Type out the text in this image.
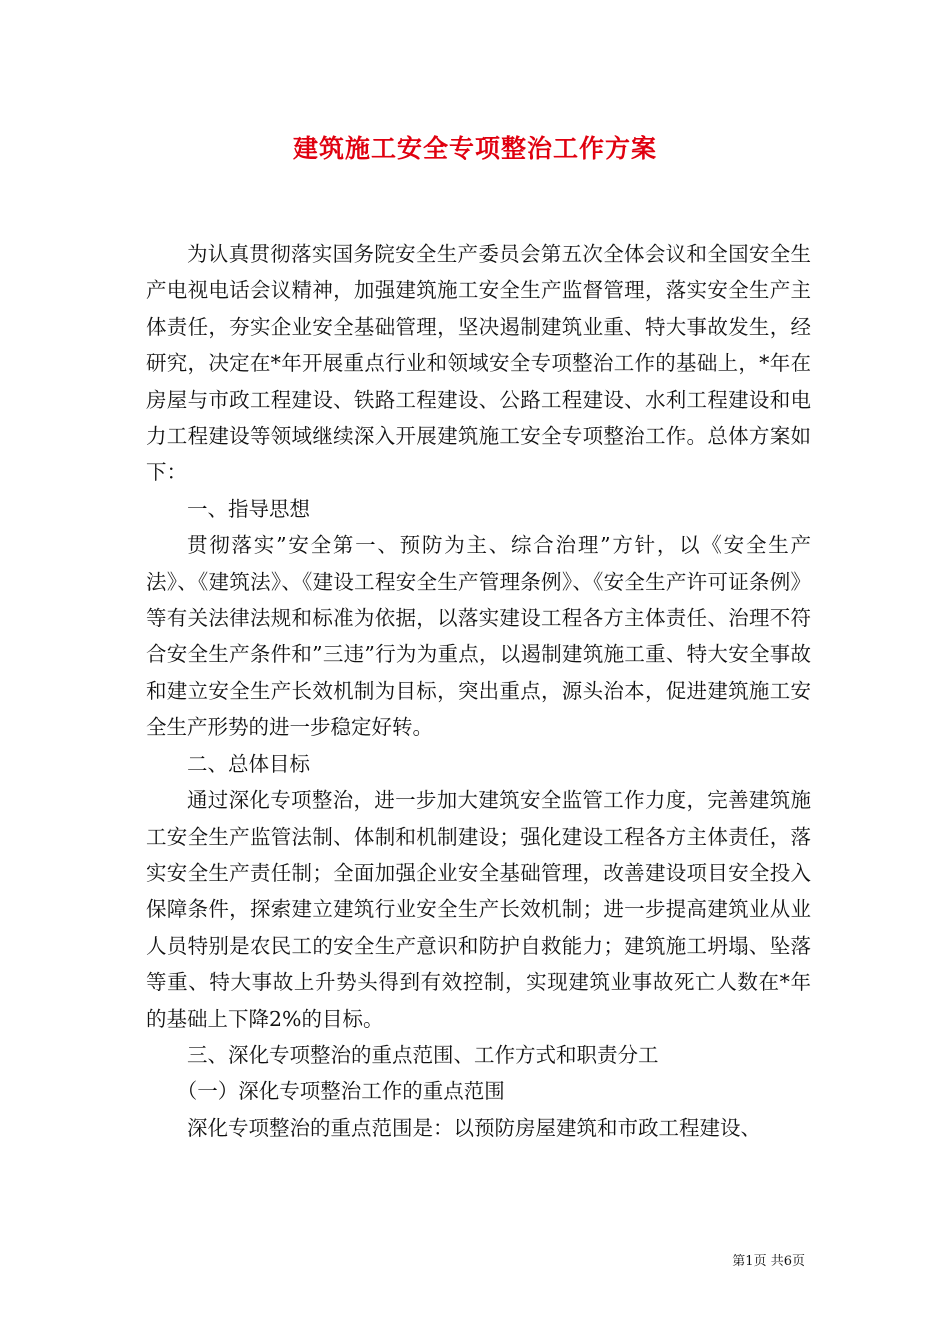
建筑施工安全专项整治工作方案

为认真贯彻落实国务院安全生产委员会第五次全体会议和全国安全生产电视电话会议精神，加强建筑施工安全生产监督管理，落实安全生产主体责任，夯实企业安全基础管理，坚决遏制建筑业重、特大事故发生，经研究，决定在*年开展重点行业和领域安全专项整治工作的基础上，*年在房屋与市政工程建设、铁路工程建设、公路工程建设、水利工程建设和电力工程建设等领域继续深入开展建筑施工安全专项整治工作。总体方案如下：

一、指导思想

贯彻落实”安全第一、预防为主、综合治理”方针，以《安全生产法》、《建筑法》、《建设工程安全生产管理条例》、《安全生产许可证条例》等有关法律法规和标准为依据，以落实建设工程各方主体责任、治理不符合安全生产条件和”三违”行为为重点，以遏制建筑施工重、特大安全事故和建立安全生产长效机制为目标，突出重点，源头治本，促进建筑施工安全生产形势的进一步稳定好转。

二、总体目标

通过深化专项整治，进一步加大建筑安全监管工作力度，完善建筑施工安全生产监管法制、体制和机制建设；强化建设工程各方主体责任，落实安全生产责任制；全面加强企业安全基础管理，改善建设项目安全投入保障条件，探索建立建筑行业安全生产长效机制；进一步提高建筑业从业人员特别是农民工的安全生产意识和防护自救能力；建筑施工坍塌、坠落等重、特大事故上升势头得到有效控制，实现建筑业事故死亡人数在*年的基础上下降2%的目标。

三、深化专项整治的重点范围、工作方式和职责分工

（一）深化专项整治工作的重点范围

深化专项整治的重点范围是：以预防房屋建筑和市政工程建设、

第1页 共6页
